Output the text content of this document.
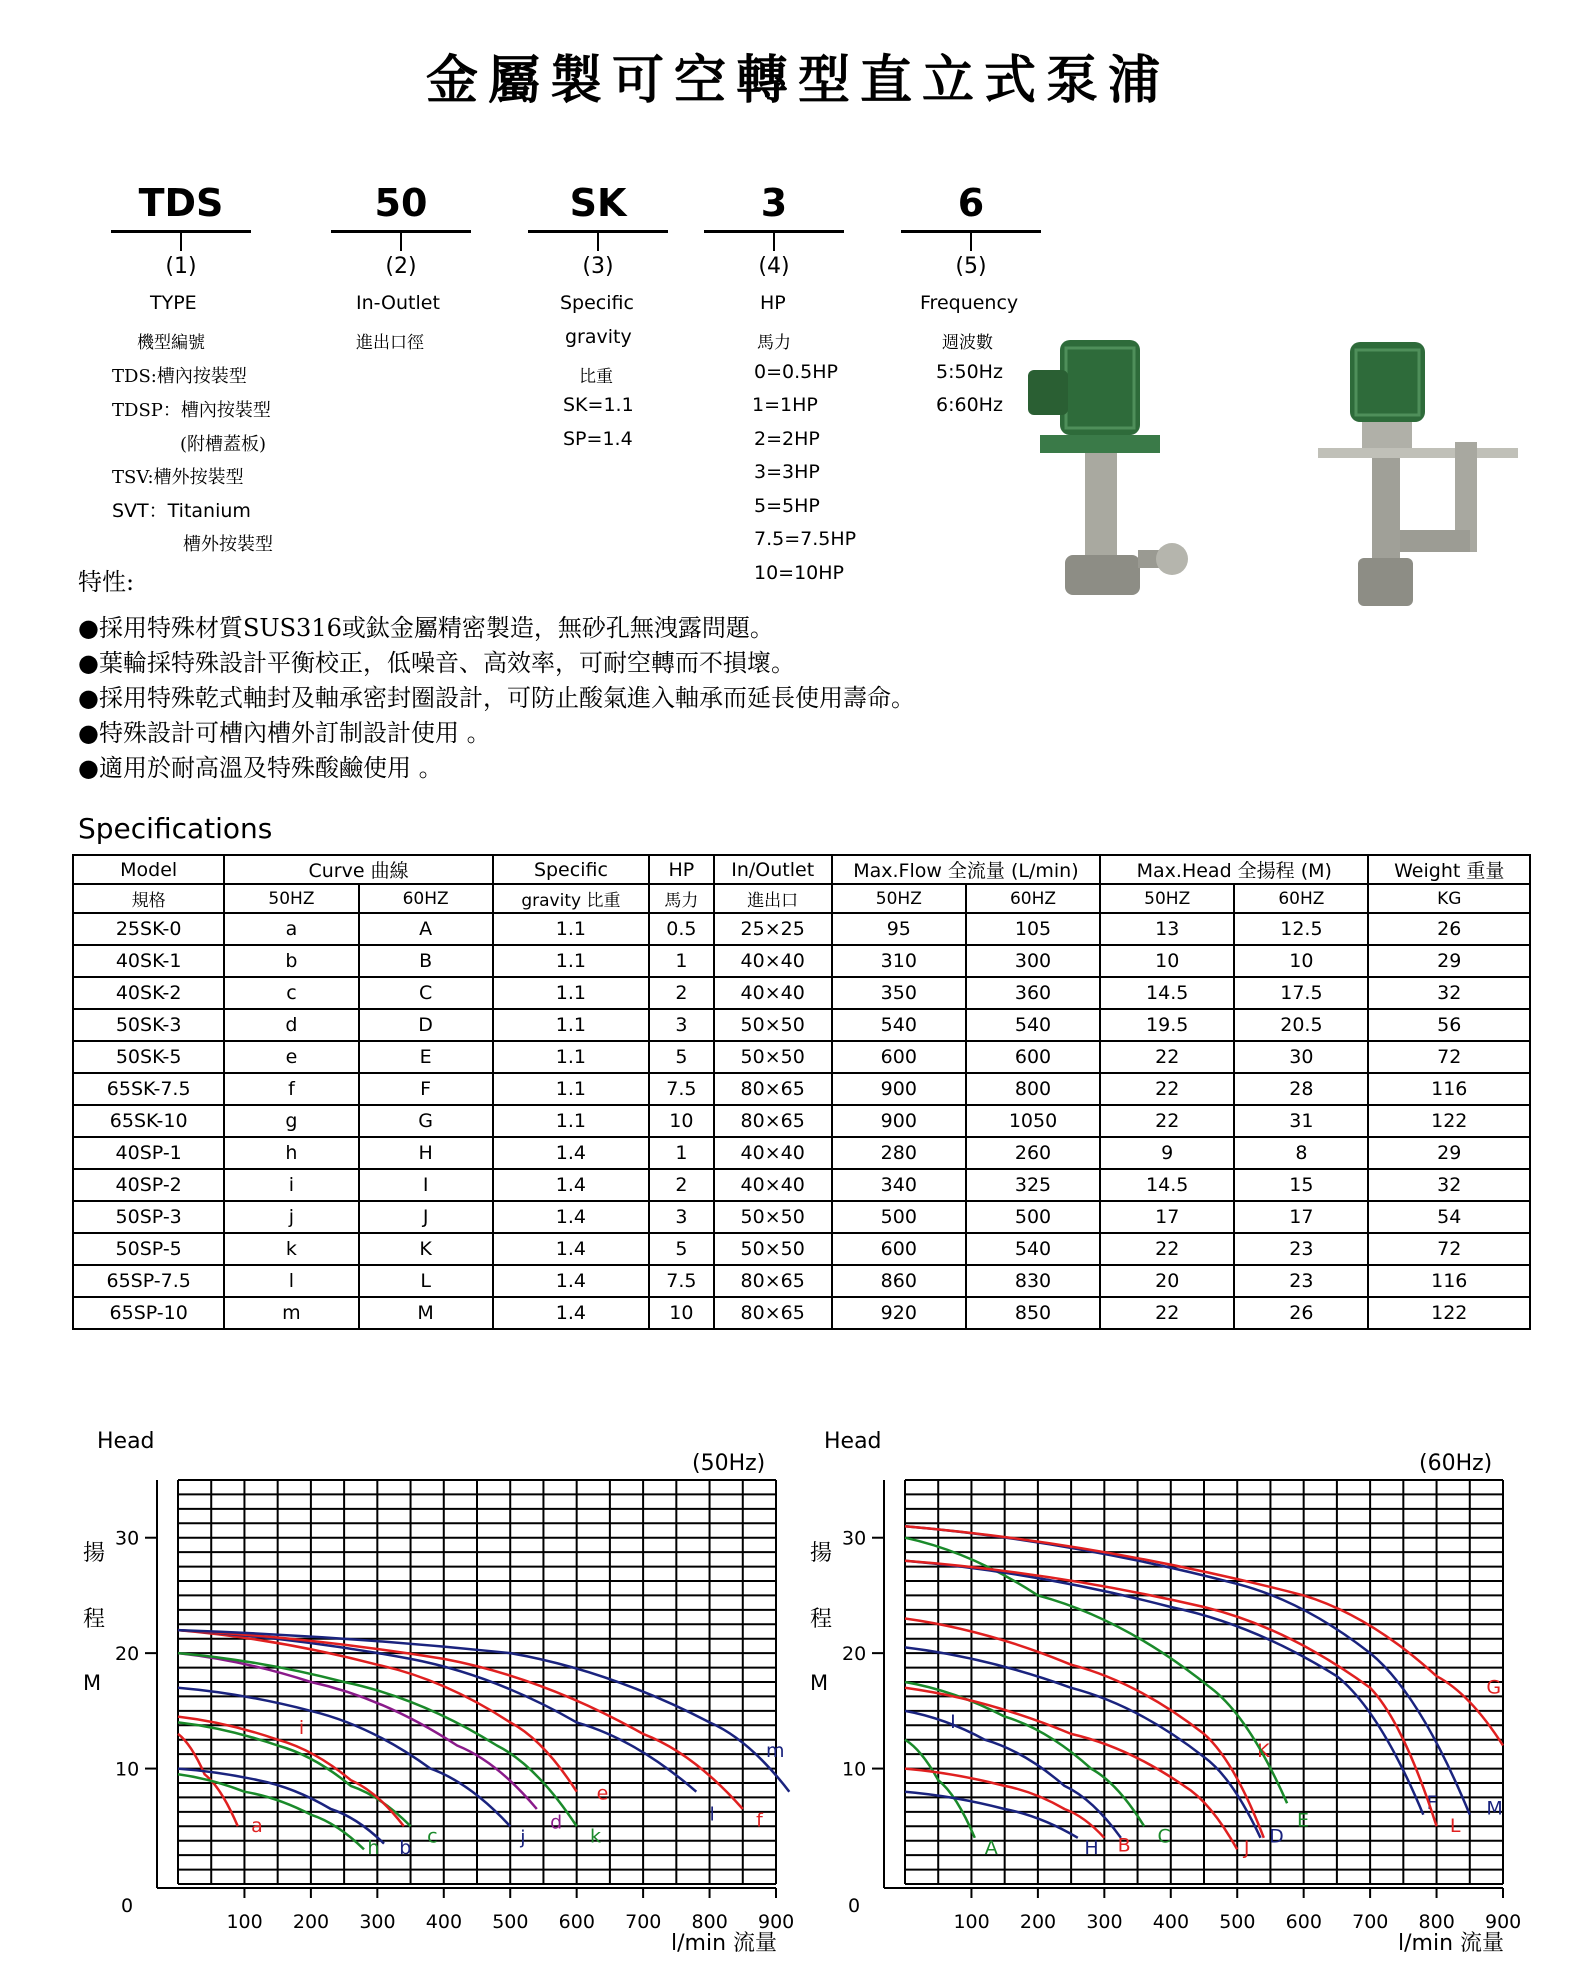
金屬製可空轉型直立式泵浦
TDS
(1)
50
(2)
SK
(3)
3
(4)
6
(5)
TYPE
機型編號
In-Outlet
進出口徑
Specific
gravity
比重
HP
馬力
Frequency
週波數
TDS:槽內按裝型
TDSP：槽內按裝型
(附槽蓋板)
TSV:槽外按裝型
SVT：Titanium
槽外按裝型
SK=1.1
SP=1.4
0=0.5HP
1=1HP
2=2HP
3=3HP
5=5HP
7.5=7.5HP
10=10HP
5:50Hz
6:60Hz
特性:
●採用特殊材質SUS316或鈦金屬精密製造，無砂孔無洩露問題。
●葉輪採特殊設計平衡校正，低噪音、高效率，可耐空轉而不損壞。
●採用特殊乾式軸封及軸承密封圈設計，可防止酸氣進入軸承而延長使用壽命。
●特殊設計可槽內槽外訂制設計使用 。
●適用於耐高溫及特殊酸鹼使用 。
Specifications
Model	Curve 曲線		Specific	HP	In/Outlet	Max.Flow 全流量 (L/min)		Max.Head 全揚程 (M)		Weight 重量
規格	50HZ	60HZ	gravity 比重	馬力	進出口	50HZ	60HZ	50HZ	60HZ	KG
25SK-0	a	A	1.1	0.5	25×25	95	105	13	12.5	26
40SK-1	b	B	1.1	1	40×40	310	300	10	10	29
40SK-2	c	C	1.1	2	40×40	350	360	14.5	17.5	32
50SK-3	d	D	1.1	3	50×50	540	540	19.5	20.5	56
50SK-5	e	E	1.1	5	50×50	600	600	22	30	72
65SK-7.5	f	F	1.1	7.5	80×65	900	800	22	28	116
65SK-10	g	G	1.1	10	80×65	900	1050	22	31	122
40SP-1	h	H	1.4	1	40×40	280	260	9	8	29
40SP-2	i	I	1.4	2	40×40	340	325	14.5	15	32
50SP-3	j	J	1.4	3	50×50	500	500	17	17	54
50SP-5	k	K	1.4	5	50×50	600	540	22	23	72
65SP-7.5	l	L	1.4	7.5	80×65	860	830	20	23	116
65SP-10	m	M	1.4	10	80×65	920	850	22	26	122
10
20
30
100 200 300 400 500 600 700 800 900
0
Head
揚
程
M
(50Hz)
l/min 流量
a
h b
c
i
j
d
k
e
l f
m
10
20
30
100 200 300 400 500 600 700 800 900
0
Head
揚
程
M
(60Hz)
l/min 流量
A	H
I
B C
J
D
K
E
F
L
M
G
